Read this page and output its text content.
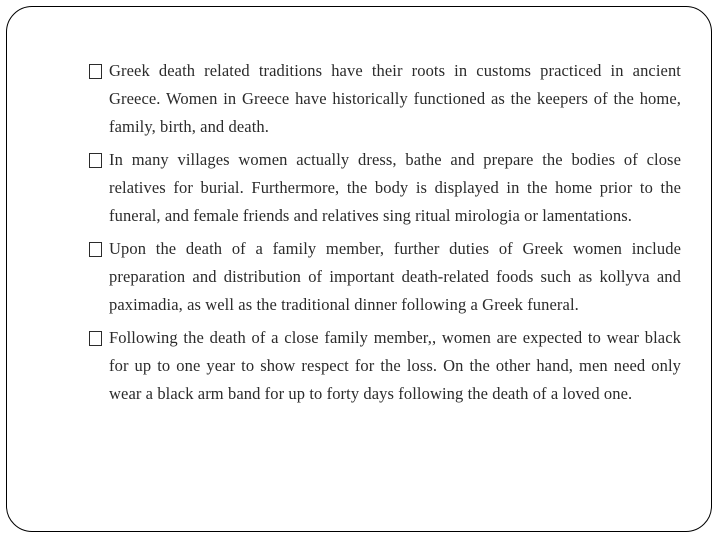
Greek death related traditions have their roots in customs practiced in ancient Greece. Women in Greece have historically functioned as the keepers of the home, family, birth, and death.
In many villages women actually dress, bathe and prepare the bodies of close relatives for burial. Furthermore, the body is displayed in the home prior to the funeral, and female friends and relatives sing ritual mirologia or lamentations.
Upon the death of a family member, further duties of Greek women include preparation and distribution of important death-related foods such as kollyva and paximadia, as well as the traditional dinner following a Greek funeral.
Following the death of a close family member,, women are expected to wear black for up to one year to show respect for the loss. On the other hand, men need only wear a black arm band for up to forty days following the death of a loved one.
